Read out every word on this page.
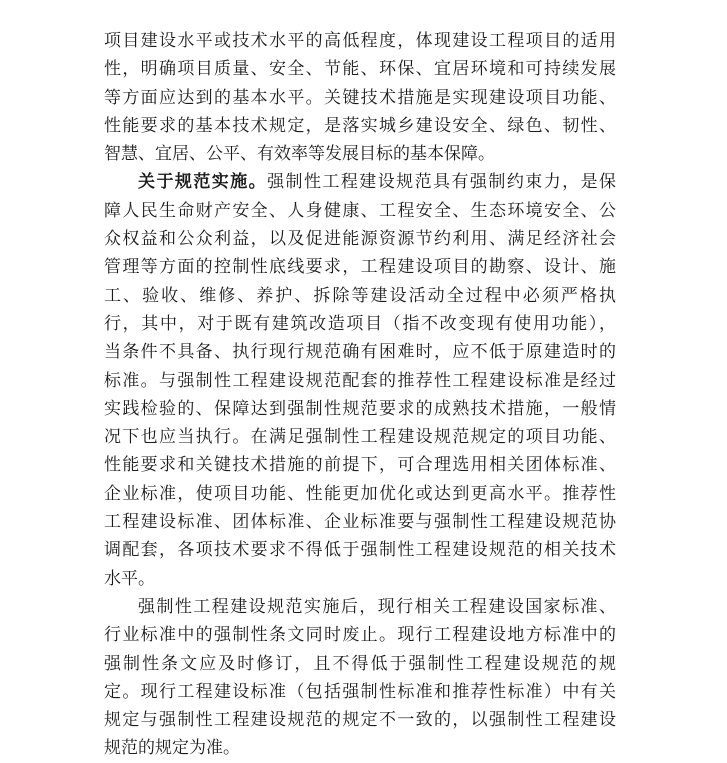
项目建设水平或技术水平的高低程度，体现建设工程项目的适用
性，明确项目质量、安全、节能、环保、宜居环境和可持续发展
等方面应达到的基本水平。关键技术措施是实现建设项目功能、
性能要求的基本技术规定，是落实城乡建设安全、绿色、韧性、
智慧、宜居、公平、有效率等发展目标的基本保障。
关于规范实施。强制性工程建设规范具有强制约束力，是保
障人民生命财产安全、人身健康、工程安全、生态环境安全、公
众权益和公众利益，以及促进能源资源节约利用、满足经济社会
管理等方面的控制性底线要求，工程建设项目的勘察、设计、施
工、验收、维修、养护、拆除等建设活动全过程中必须严格执
行，其中，对于既有建筑改造项目（指不改变现有使用功能），
当条件不具备、执行现行规范确有困难时，应不低于原建造时的
标准。与强制性工程建设规范配套的推荐性工程建设标准是经过
实践检验的、保障达到强制性规范要求的成熟技术措施，一般情
况下也应当执行。在满足强制性工程建设规范规定的项目功能、
性能要求和关键技术措施的前提下，可合理选用相关团体标准、
企业标准，使项目功能、性能更加优化或达到更高水平。推荐性
工程建设标准、团体标准、企业标准要与强制性工程建设规范协
调配套，各项技术要求不得低于强制性工程建设规范的相关技术
水平。
强制性工程建设规范实施后，现行相关工程建设国家标准、
行业标准中的强制性条文同时废止。现行工程建设地方标准中的
强制性条文应及时修订，且不得低于强制性工程建设规范的规
定。现行工程建设标准（包括强制性标准和推荐性标准）中有关
规定与强制性工程建设规范的规定不一致的，以强制性工程建设
规范的规定为准。
